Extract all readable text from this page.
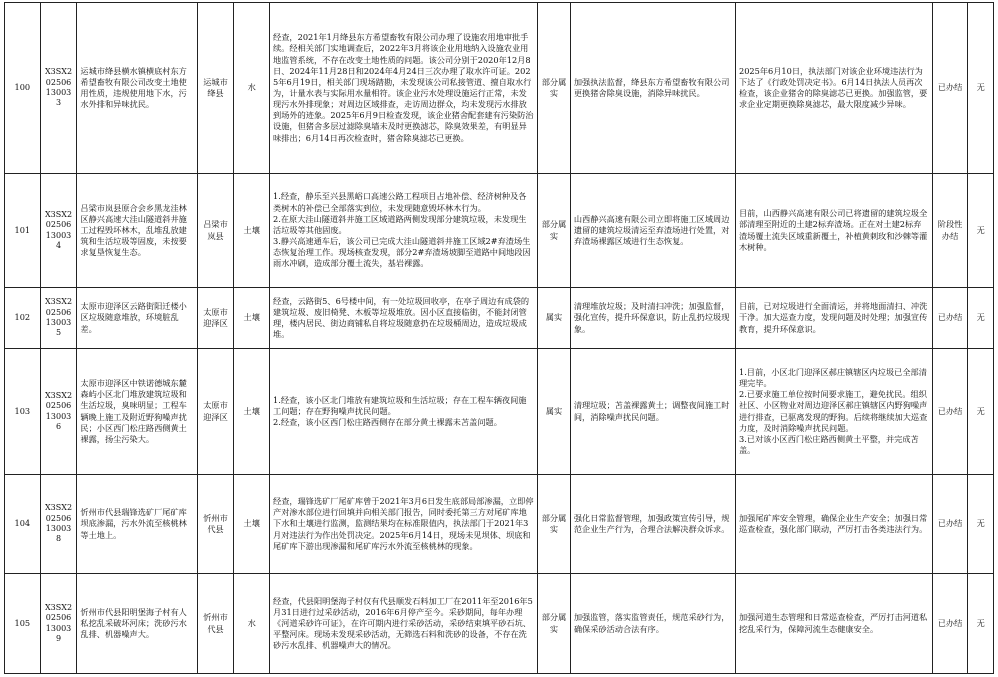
100	X3SX202506130033	运城市绛县横水镇横底村东方希望畜牧有限公司改变土地使用性质，违规使用地下水，污水外排和异味扰民。	运城市绛县	水	经查，2021年1月绛县东方希望畜牧有限公司办理了设施农用地审批手续。经相关部门实地调查后，2022年3月将该企业用地纳入设施农业用地监管系统，不存在改变土地性质的问题。该公司分别于2020年12月8日、2024年11月28日和2024年4月24日三次办理了取水许可证。2025年6月19日，相关部门现场踏勘，未发现该公司私接管道、擅自取水行为，计量水表与实际用水量相符。该企业污水处理设施运行正常，未发现污水外排现象；对周边区域排查，走访周边群众，均未发现污水排放到场外的迹象。2025年6月9日检查发现，该企业猪舍配套建有污染防治设施，但猪舍多层过滤除臭墙未及时更换滤芯，除臭效果差，有明显异味排出；6月14日再次检查时，猪舍除臭滤芯已更换。	部分属实	加强执法监督，绛县东方希望畜牧有限公司更换猪舍除臭设施，消除异味扰民。	2025年6月10日，执法部门对该企业环境违法行为下达了《行政处罚决定书》。6月14日执法人员再次检查，该企业猪舍的除臭滤芯已更换。加强监管，要求企业定期更换除臭滤芯，最大限度减少异味。	已办结	无
101	X3SX202506130034	吕梁市岚县原合会乡黑龙洼林区静兴高速大洼山隧道斜井施工过程毁坏林木，乱堆乱放建筑和生活垃圾等固废，未按要求复垦恢复生态。	吕梁市岚县	土壤	1.经查，静乐至兴县黑峪口高速公路工程项目占地补偿、经济树种及各类树木的补偿已全部落实到位，未发现随意毁坏林木行为。
2.在原大洼山隧道斜井施工区域道路两侧发现部分建筑垃圾，未发现生活垃圾等其他固废。
3.静兴高速通车后，该公司已完成大洼山隧道斜井施工区域2#弃渣场生态恢复治理工作。现场核查发现，部分2#弃渣场坡脚至道路中间地段因雨水冲刷，造成部分覆土流失，基岩裸露。	部分属实	山西静兴高速有限公司立即将施工区域周边遗留的建筑垃圾清运至弃渣场进行处置，对弃渣场裸露区域进行生态恢复。	目前，山西静兴高速有限公司已将遗留的建筑垃圾全部清理至附近的土建2标弃渣场。正在对土建2标弃渣场覆土流失区域重新覆土，补植黄刺玫和沙棘等灌木树种。	阶段性办结	无
102	X3SX202506130035	太原市迎泽区云路街阳迁楼小区垃圾随意堆放，环境脏乱差。	太原市迎泽区	土壤	经查，云路街5、6号楼中间，有一处垃圾回收亭，在亭子周边有成袋的建筑垃圾、废旧椅凳、木板等垃圾堆放。因小区直接临街，不能封闭管理，楼内居民、街边商铺私自将垃圾随意扔在垃圾桶周边，造成垃圾成堆。	属实	清理堆放垃圾；及时清扫冲洗；加强监督，强化宣传，提升环保意识，防止乱扔垃圾现象。	目前，已对垃圾进行全面清运，并将地面清扫、冲洗干净。加大巡查力度，发现问题及时处理；加强宣传教育，提升环保意识。	已办结	无
103	X3SX202506130036	太原市迎泽区中铁诺德城东麓森屿小区北门堆放建筑垃圾和生活垃圾，臭味明显；工程车辆晚上施工及附近野狗噪声扰民；小区西门松庄路西侧黄土裸露，扬尘污染大。	太原市迎泽区	土壤	1.经查，该小区北门堆放有建筑垃圾和生活垃圾；存在工程车辆夜间施工问题；存在野狗噪声扰民问题。
2.经查，该小区西门松庄路西侧存在部分黄土裸露未苫盖问题。	属实	清理垃圾；苫盖裸露黄土；调整夜间施工时间，消除噪声扰民问题。	1.目前，小区北门迎泽区郝庄镇辖区内垃圾已全部清理完毕。
2.已要求施工单位按时间要求施工，避免扰民。组织社区、小区物业对周边迎泽区郝庄镇辖区内野狗噪声进行排查，已驱离发现的野狗。后续将继续加大巡查力度，及时消除噪声扰民问题。
3.已对该小区西门松庄路西侧黄土平整，并完成苫盖。	已办结	无
104	X3SX202506130038	忻州市代县瑞锋选矿厂尾矿库坝底渗漏，污水外流至核桃林等土地上。	忻州市代县	土壤	经查，瑞锋选矿厂尾矿库曾于2021年3月6日发生底部局部渗漏，立即停产对渗水部位进行回填并向相关部门报告，同时委托第三方对尾矿库地下水和土壤进行监测，监测结果均在标准限值内，执法部门于2021年3月对违法行为作出处罚决定。2025年6月14日，现场未见坝体、坝底和尾矿库下游出现渗漏和尾矿库污水外流至核桃林的现象。	部分属实	强化日常监督管理，加强政策宣传引导，规范企业生产行为，合理合法解决群众诉求。	加强尾矿库安全管理，确保企业生产安全；加强日常巡查检查，强化部门联动，严厉打击各类违法行为。	已办结	无
105	X3SX202506130039	忻州市代县阳明堡海子村有人私挖乱采破坏河床；洗砂污水乱排、机器噪声大。	忻州市代县	水	经查，代县阳明堡海子村仅有代县顺发石料加工厂在2011年至2016年5月31日进行过采砂活动，2016年6月停产至今。采砂期间，每年办理《河道采砂许可证》，在许可期内进行采砂活动，采砂结束填平砂石坑、平整河床。现场未发现采砂活动，无筛选石料和洗砂的设备，不存在洗砂污水乱排、机器噪声大的情况。	部分属实	加强监管，落实监管责任，规范采砂行为，确保采砂活动合法有序。	加强河道生态管理和日常巡查检查，严厉打击河道私挖乱采行为，保障河流生态健康安全。	已办结	无
